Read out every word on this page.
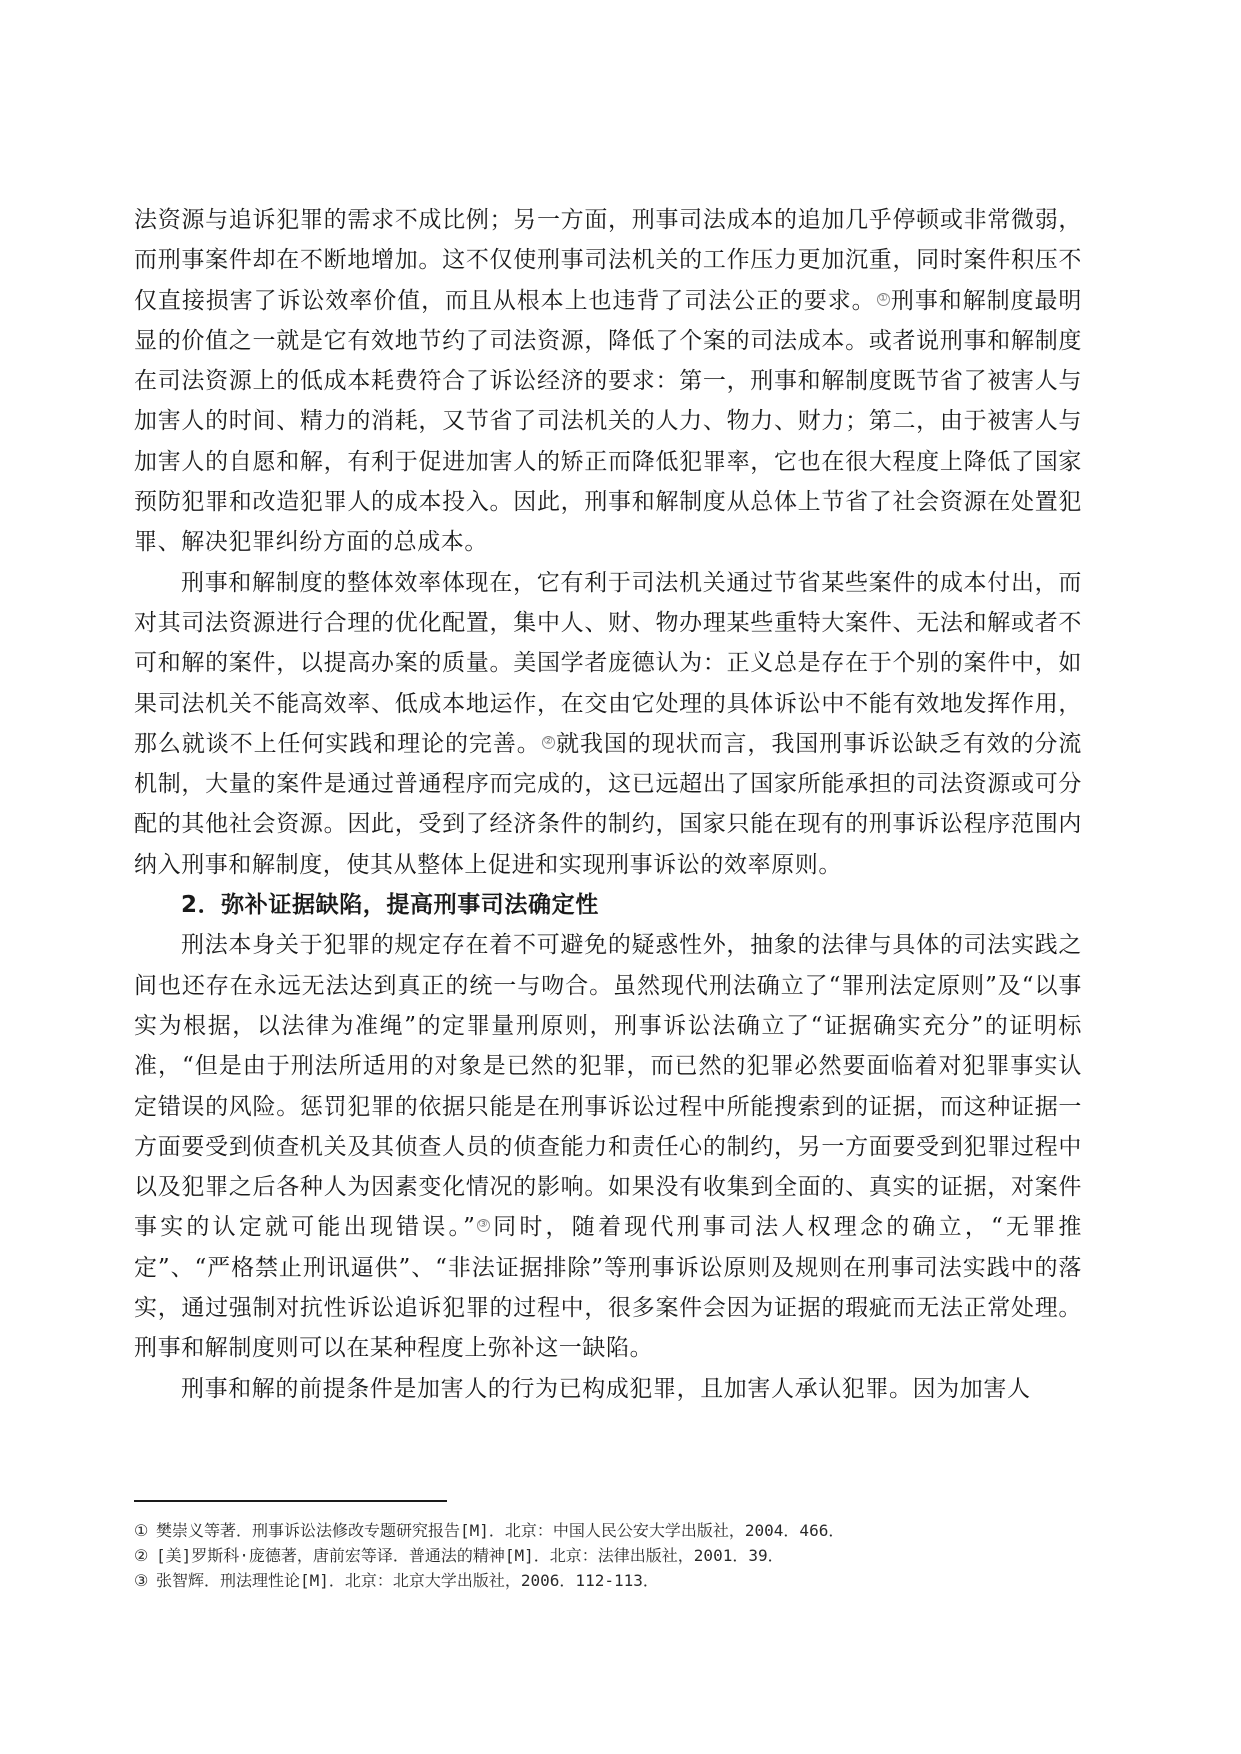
法资源与追诉犯罪的需求不成比例；另一方面，刑事司法成本的追加几乎停顿或非常微弱，而刑事案件却在不断地增加。这不仅使刑事司法机关的工作压力更加沉重，同时案件积压不仅直接损害了诉讼效率价值，而且从根本上也违背了司法公正的要求。 ① 刑事和解制度最明显的价值之一就是它有效地节约了司法资源，降低了个案的司法成本。或者说刑事和解制度在司法资源上的低成本耗费符合了诉讼经济的要求：第一，刑事和解制度既节省了被害人与加害人的时间、精力的消耗，又节省了司法机关的人力、物力、财力；第二，由于被害人与加害人的自愿和解，有利于促进加害人的矫正而降低犯罪率，它也在很大程度上降低了国家预防犯罪和改造犯罪人的成本投入。因此，刑事和解制度从总体上节省了社会资源在处置犯罪、解决犯罪纠纷方面的总成本。

刑事和解制度的整体效率体现在，它有利于司法机关通过节省某些案件的成本付出，而对其司法资源进行合理的优化配置，集中人、财、物办理某些重特大案件、无法和解或者不可和解的案件，以提高办案的质量。美国学者庞德认为：正义总是存在于个别的案件中，如果司法机关不能高效率、低成本地运作，在交由它处理的具体诉讼中不能有效地发挥作用，那么就谈不上任何实践和理论的完善。 ② 就我国的现状而言，我国刑事诉讼缺乏有效的分流机制，大量的案件是通过普通程序而完成的，这已远超出了国家所能承担的司法资源或可分配的其他社会资源。因此，受到了经济条件的制约，国家只能在现有的刑事诉讼程序范围内纳入刑事和解制度，使其从整体上促进和实现刑事诉讼的效率原则。

2．弥补证据缺陷，提高刑事司法确定性

刑法本身关于犯罪的规定存在着不可避免的疑惑性外，抽象的法律与具体的司法实践之间也还存在永远无法达到真正的统一与吻合。虽然现代刑法确立了“罪刑法定原则”及“以事实为根据，以法律为准绳”的定罪量刑原则，刑事诉讼法确立了“证据确实充分”的证明标准，“但是由于刑法所适用的对象是已然的犯罪，而已然的犯罪必然要面临着对犯罪事实认定错误的风险。惩罚犯罪的依据只能是在刑事诉讼过程中所能搜索到的证据，而这种证据一方面要受到侦查机关及其侦查人员的侦查能力和责任心的制约，另一方面要受到犯罪过程中以及犯罪之后各种人为因素变化情况的影响。如果没有收集到全面的、真实的证据，对案件事实的认定就可能出现错误。” ③ 同时，随着现代刑事司法人权理念的确立，“无罪推定”、“严格禁止刑讯逼供”、“非法证据排除”等刑事诉讼原则及规则在刑事司法实践中的落实，通过强制对抗性诉讼追诉犯罪的过程中，很多案件会因为证据的瑕疵而无法正常处理。刑事和解制度则可以在某种程度上弥补这一缺陷。

刑事和解的前提条件是加害人的行为已构成犯罪，且加害人承认犯罪。因为加害人

① 樊崇义等著．刑事诉讼法修改专题研究报告[M]．北京：中国人民公安大学出版社，2004．466．

② [美]罗斯科·庞德著，唐前宏等译．普通法的精神[M]．北京：法律出版社，2001．39．

③ 张智辉．刑法理性论[M]．北京：北京大学出版社，2006．112-113．
